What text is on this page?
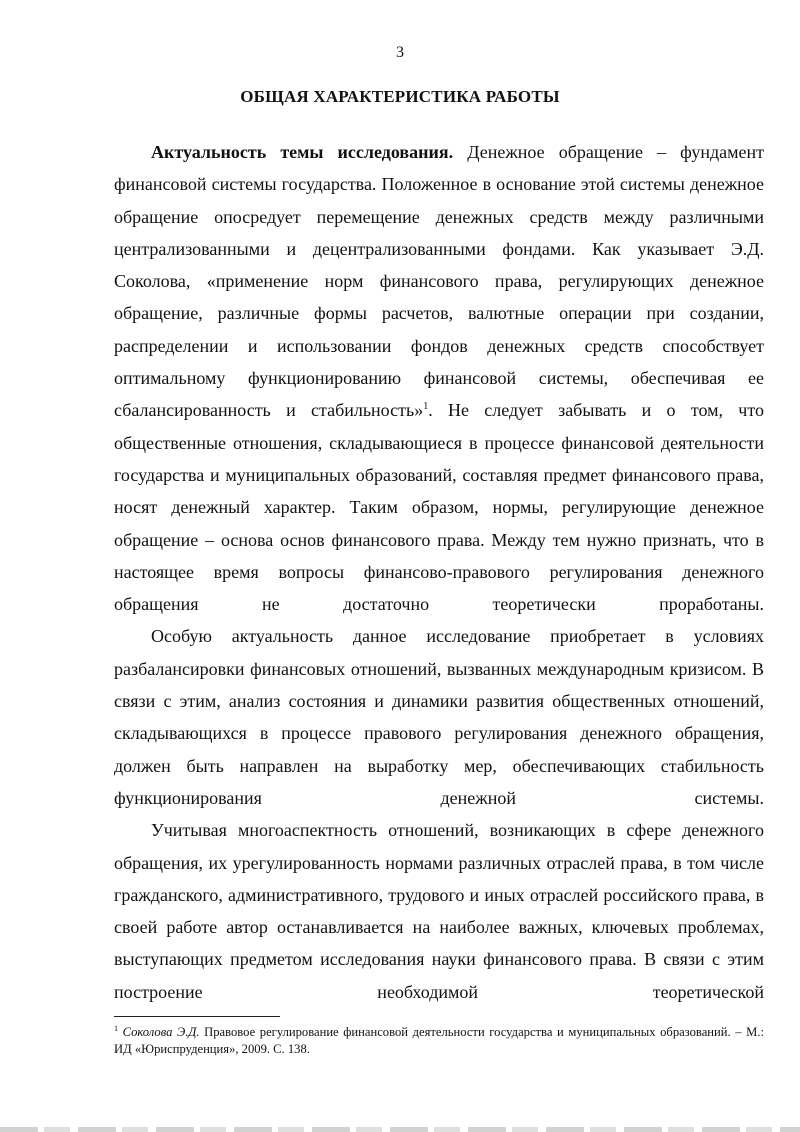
3
ОБЩАЯ ХАРАКТЕРИСТИКА РАБОТЫ

Актуальность темы исследования. Денежное обращение – фундамент финансовой системы государства. Положенное в основание этой системы денежное обращение опосредует перемещение денежных средств между различными централизованными и децентрализованными фондами. Как указывает Э.Д. Соколова, «применение норм финансового права, регулирующих денежное обращение, различные формы расчетов, валютные операции при создании, распределении и использовании фондов денежных средств способствует оптимальному функционированию финансовой системы, обеспечивая ее сбалансированность и стабильность»$^1$. Не следует забывать и о том, что общественные отношения, складывающиеся в процессе финансовой деятельности государства и муниципальных образований, составляя предмет финансового права, носят денежный характер. Таким образом, нормы, регулирующие денежное обращение – основа основ финансового права. Между тем нужно признать, что в настоящее время вопросы финансово-правового регулирования денежного обращения не достаточно теоретически проработаны.

Особую актуальность данное исследование приобретает в условиях разбалансировки финансовых отношений, вызванных международным кризисом. В связи с этим, анализ состояния и динамики развития общественных отношений, складывающихся в процессе правового регулирования денежного обращения, должен быть направлен на выработку мер, обеспечивающих стабильность функционирования денежной системы.

Учитывая многоаспектность отношений, возникающих в сфере денежного обращения, их урегулированность нормами различных отраслей права, в том числе гражданского, административного, трудового и иных отраслей российского права, в своей работе автор останавливается на наиболее важных, ключевых проблемах, выступающих предметом исследования науки финансового права. В связи с этим построение необходимой теоретической

$^1$ Соколова Э.Д. Правовое регулирование финансовой деятельности государства и муниципальных образований. – М.: ИД «Юриспруденция», 2009. С. 138.
